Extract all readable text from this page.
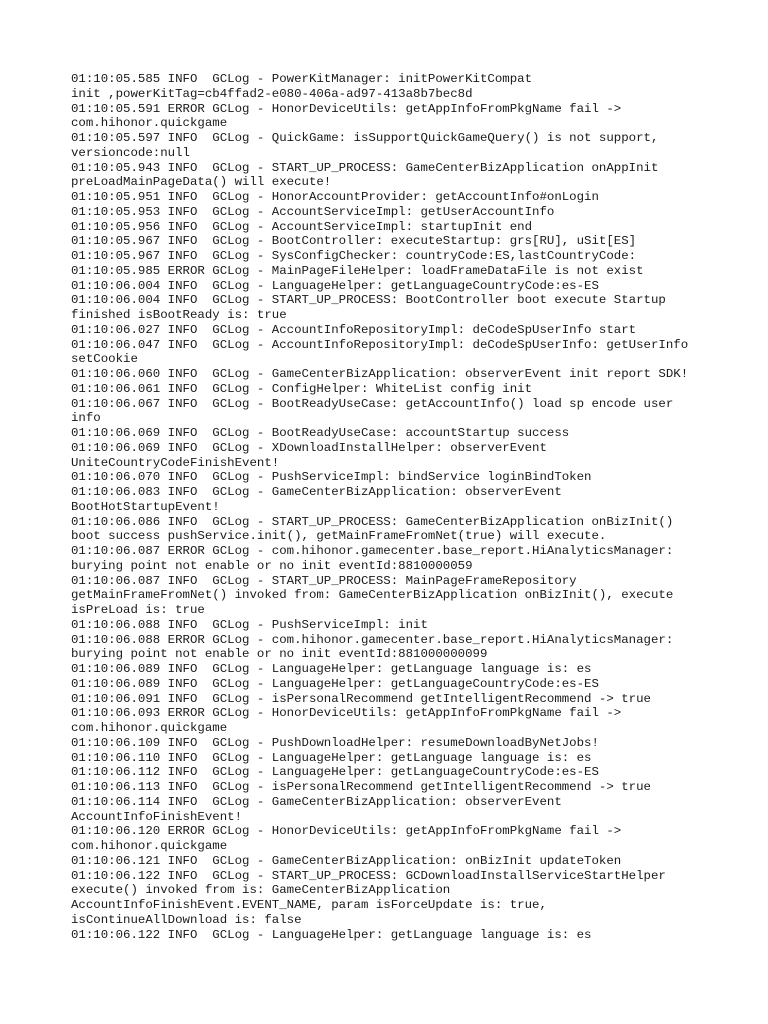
01:10:05.585 INFO  GCLog - PowerKitManager: initPowerKitCompat
init ,powerKitTag=cb4ffad2-e080-406a-ad97-413a8b7bec8d
01:10:05.591 ERROR GCLog - HonorDeviceUtils: getAppInfoFromPkgName fail ->
com.hihonor.quickgame
01:10:05.597 INFO  GCLog - QuickGame: isSupportQuickGameQuery() is not support,
versioncode:null
01:10:05.943 INFO  GCLog - START_UP_PROCESS: GameCenterBizApplication onAppInit
preLoadMainPageData() will execute!
01:10:05.951 INFO  GCLog - HonorAccountProvider: getAccountInfo#onLogin
01:10:05.953 INFO  GCLog - AccountServiceImpl: getUserAccountInfo
01:10:05.956 INFO  GCLog - AccountServiceImpl: startupInit end
01:10:05.967 INFO  GCLog - BootController: executeStartup: grs[RU], uSit[ES]
01:10:05.967 INFO  GCLog - SysConfigChecker: countryCode:ES,lastCountryCode:
01:10:05.985 ERROR GCLog - MainPageFileHelper: loadFrameDataFile is not exist
01:10:06.004 INFO  GCLog - LanguageHelper: getLanguageCountryCode:es-ES
01:10:06.004 INFO  GCLog - START_UP_PROCESS: BootController boot execute Startup
finished isBootReady is: true
01:10:06.027 INFO  GCLog - AccountInfoRepositoryImpl: deCodeSpUserInfo start
01:10:06.047 INFO  GCLog - AccountInfoRepositoryImpl: deCodeSpUserInfo: getUserInfo
setCookie
01:10:06.060 INFO  GCLog - GameCenterBizApplication: observerEvent init report SDK!
01:10:06.061 INFO  GCLog - ConfigHelper: WhiteList config init
01:10:06.067 INFO  GCLog - BootReadyUseCase: getAccountInfo() load sp encode user
info
01:10:06.069 INFO  GCLog - BootReadyUseCase: accountStartup success
01:10:06.069 INFO  GCLog - XDownloadInstallHelper: observerEvent
UniteCountryCodeFinishEvent!
01:10:06.070 INFO  GCLog - PushServiceImpl: bindService loginBindToken
01:10:06.083 INFO  GCLog - GameCenterBizApplication: observerEvent
BootHotStartupEvent!
01:10:06.086 INFO  GCLog - START_UP_PROCESS: GameCenterBizApplication onBizInit()
boot success pushService.init(), getMainFrameFromNet(true) will execute.
01:10:06.087 ERROR GCLog - com.hihonor.gamecenter.base_report.HiAnalyticsManager:
burying point not enable or no init eventId:8810000059
01:10:06.087 INFO  GCLog - START_UP_PROCESS: MainPageFrameRepository
getMainFrameFromNet() invoked from: GameCenterBizApplication onBizInit(), execute
isPreLoad is: true
01:10:06.088 INFO  GCLog - PushServiceImpl: init
01:10:06.088 ERROR GCLog - com.hihonor.gamecenter.base_report.HiAnalyticsManager:
burying point not enable or no init eventId:881000000099
01:10:06.089 INFO  GCLog - LanguageHelper: getLanguage language is: es
01:10:06.089 INFO  GCLog - LanguageHelper: getLanguageCountryCode:es-ES
01:10:06.091 INFO  GCLog - isPersonalRecommend getIntelligentRecommend -> true
01:10:06.093 ERROR GCLog - HonorDeviceUtils: getAppInfoFromPkgName fail ->
com.hihonor.quickgame
01:10:06.109 INFO  GCLog - PushDownloadHelper: resumeDownloadByNetJobs!
01:10:06.110 INFO  GCLog - LanguageHelper: getLanguage language is: es
01:10:06.112 INFO  GCLog - LanguageHelper: getLanguageCountryCode:es-ES
01:10:06.113 INFO  GCLog - isPersonalRecommend getIntelligentRecommend -> true
01:10:06.114 INFO  GCLog - GameCenterBizApplication: observerEvent
AccountInfoFinishEvent!
01:10:06.120 ERROR GCLog - HonorDeviceUtils: getAppInfoFromPkgName fail ->
com.hihonor.quickgame
01:10:06.121 INFO  GCLog - GameCenterBizApplication: onBizInit updateToken
01:10:06.122 INFO  GCLog - START_UP_PROCESS: GCDownloadInstallServiceStartHelper
execute() invoked from is: GameCenterBizApplication
AccountInfoFinishEvent.EVENT_NAME, param isForceUpdate is: true,
isContinueAllDownload is: false
01:10:06.122 INFO  GCLog - LanguageHelper: getLanguage language is: es
